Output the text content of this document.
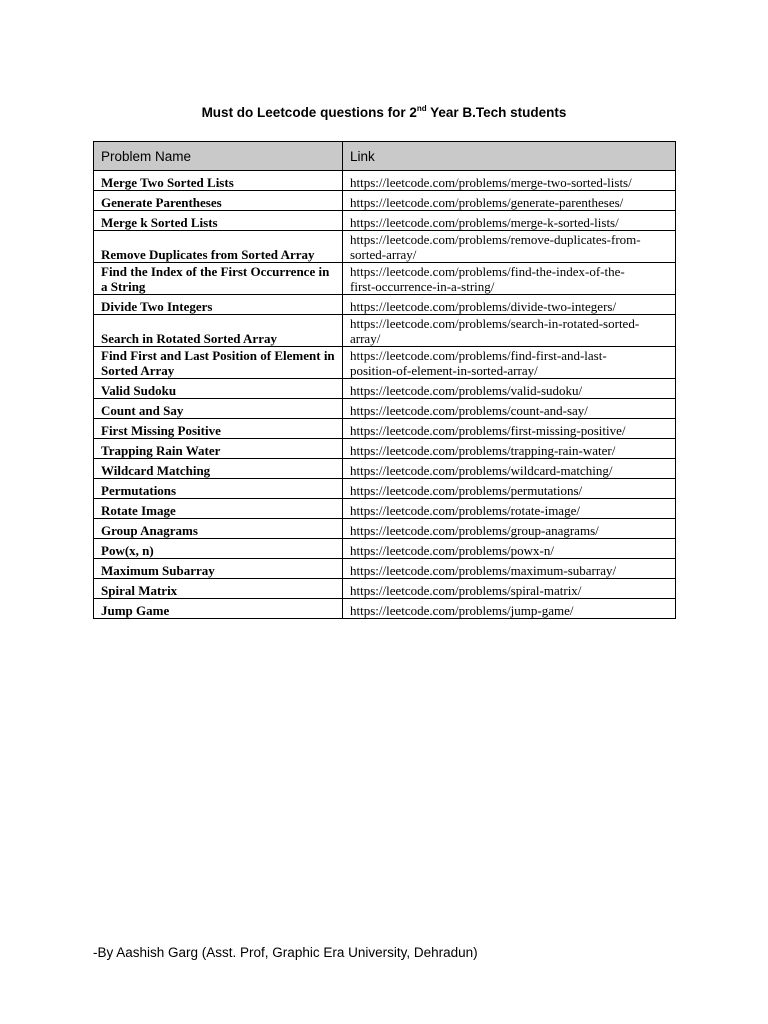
Must do Leetcode questions for 2nd Year B.Tech students
Problem Name	Link
Merge Two Sorted Lists	https://leetcode.com/problems/merge-two-sorted-lists/
Generate Parentheses	https://leetcode.com/problems/generate-parentheses/
Merge k Sorted Lists	https://leetcode.com/problems/merge-k-sorted-lists/
Remove Duplicates from Sorted Array	https://leetcode.com/problems/remove-duplicates-from-
sorted-array/
Find the Index of the First Occurrence in a String	https://leetcode.com/problems/find-the-index-of-the-
first-occurrence-in-a-string/
Divide Two Integers	https://leetcode.com/problems/divide-two-integers/
Search in Rotated Sorted Array	https://leetcode.com/problems/search-in-rotated-sorted-
array/
Find First and Last Position of Element in Sorted Array	https://leetcode.com/problems/find-first-and-last-
position-of-element-in-sorted-array/
Valid Sudoku	https://leetcode.com/problems/valid-sudoku/
Count and Say	https://leetcode.com/problems/count-and-say/
First Missing Positive	https://leetcode.com/problems/first-missing-positive/
Trapping Rain Water	https://leetcode.com/problems/trapping-rain-water/
Wildcard Matching	https://leetcode.com/problems/wildcard-matching/
Permutations	https://leetcode.com/problems/permutations/
Rotate Image	https://leetcode.com/problems/rotate-image/
Group Anagrams	https://leetcode.com/problems/group-anagrams/
Pow(x, n)	https://leetcode.com/problems/powx-n/
Maximum Subarray	https://leetcode.com/problems/maximum-subarray/
Spiral Matrix	https://leetcode.com/problems/spiral-matrix/
Jump Game	https://leetcode.com/problems/jump-game/

-By Aashish Garg (Asst. Prof, Graphic Era University, Dehradun)
